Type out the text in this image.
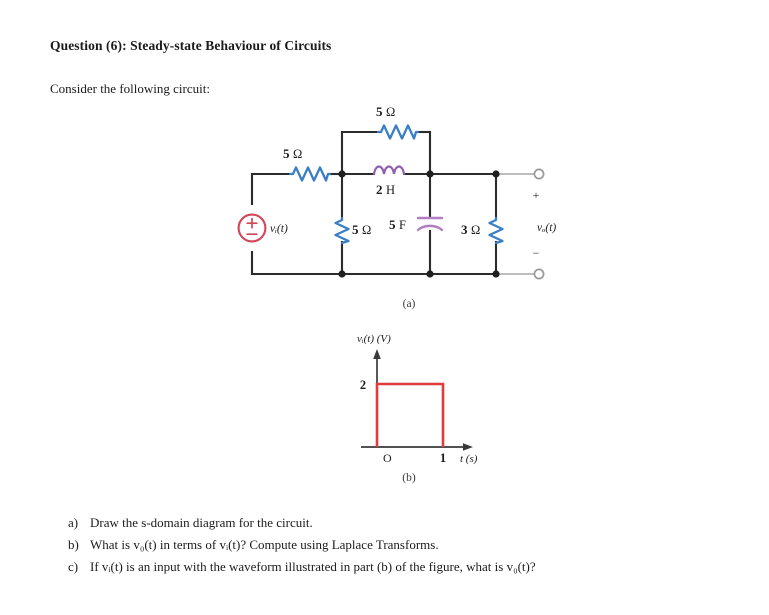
Question (6): Steady-state Behaviour of Circuits
Consider the following circuit:
vᵢ(t)
5 Ω
5 Ω
2 H
5 Ω 5 F	3 Ω
+
−
vₒ(t)
(a)
vᵢ(t) (V)
2
O	1 t (s)
(b)
a) Draw the s-domain diagram for the circuit.
b) What is v₀(t) in terms of vᵢ(t)? Compute using Laplace Transforms.
c) If vᵢ(t) is an input with the waveform illustrated in part (b) of the figure, what is v₀(t)?
